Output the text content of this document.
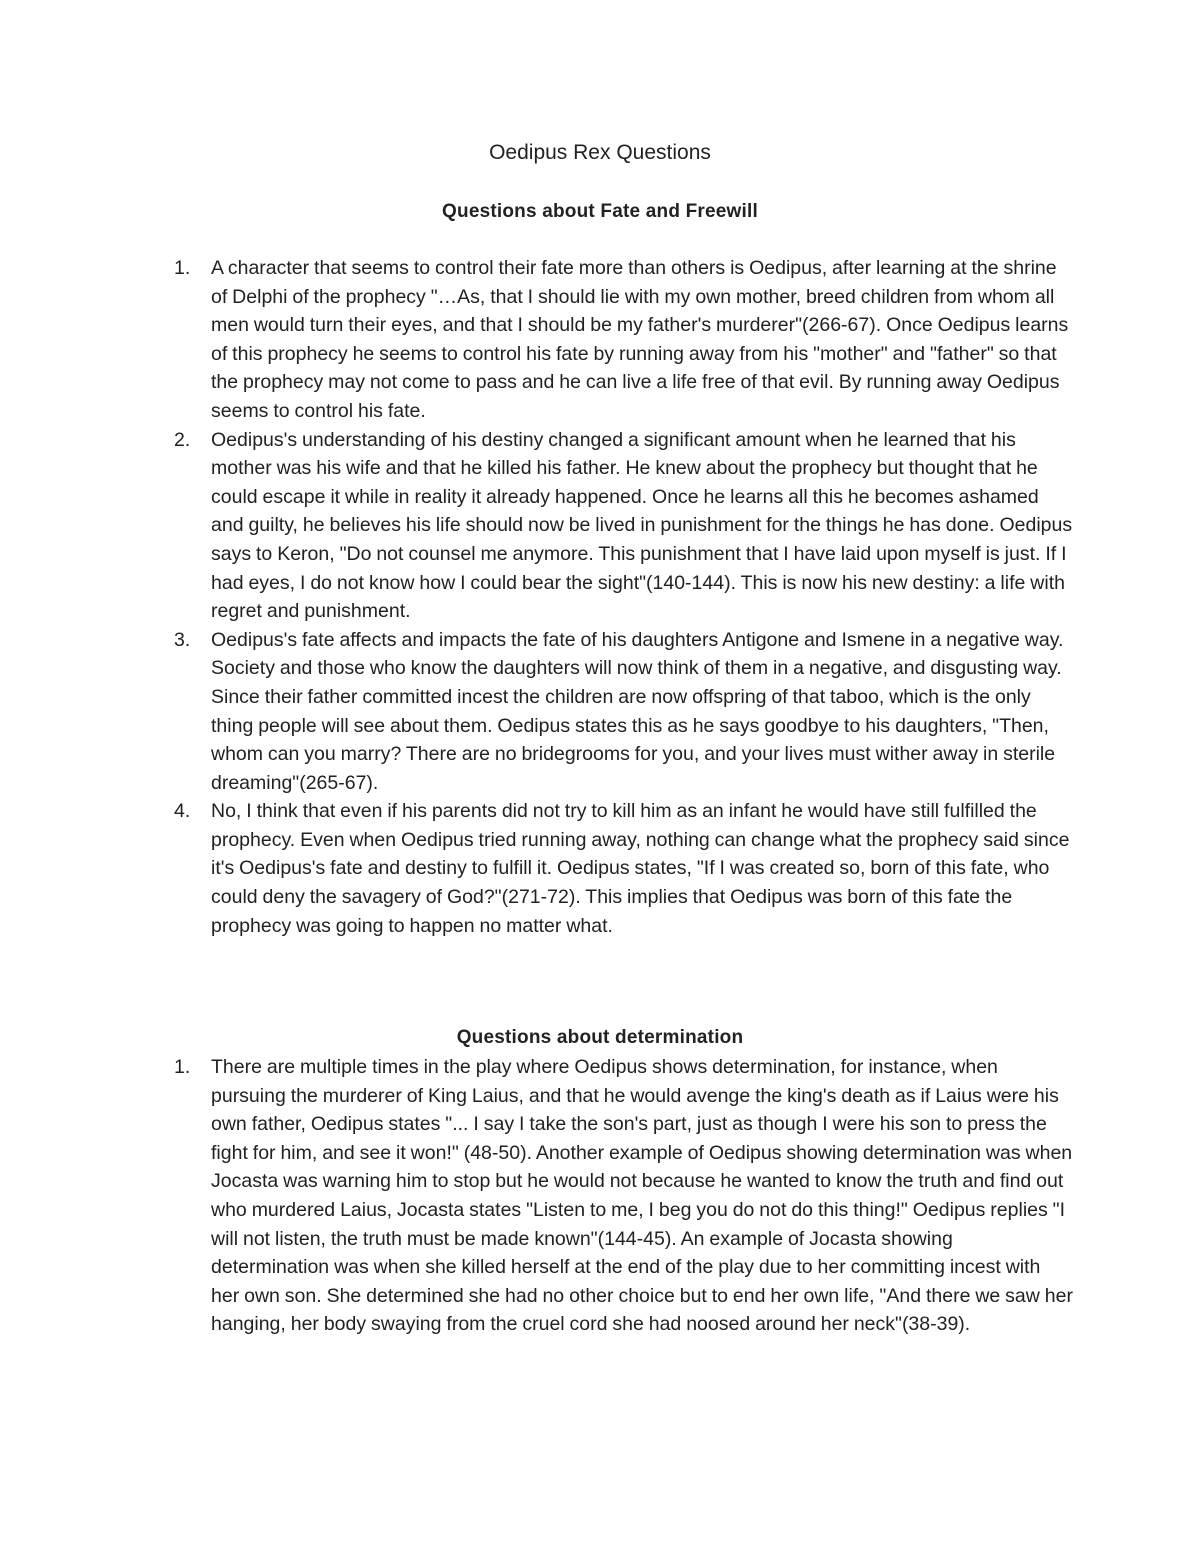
Oedipus Rex Questions
Questions about Fate and Freewill
1. A character that seems to control their fate more than others is Oedipus, after learning at the shrine of Delphi of the prophecy "…As, that I should lie with my own mother, breed children from whom all men would turn their eyes, and that I should be my father's murderer"(266-67). Once Oedipus learns of this prophecy he seems to control his fate by running away from his "mother" and "father" so that the prophecy may not come to pass and he can live a life free of that evil. By running away Oedipus seems to control his fate.
2. Oedipus's understanding of his destiny changed a significant amount when he learned that his mother was his wife and that he killed his father. He knew about the prophecy but thought that he could escape it while in reality it already happened. Once he learns all this he becomes ashamed and guilty, he believes his life should now be lived in punishment for the things he has done. Oedipus says to Keron, "Do not counsel me anymore. This punishment that I have laid upon myself is just. If I had eyes, I do not know how I could bear the sight"(140-144). This is now his new destiny: a life with regret and punishment.
3. Oedipus's fate affects and impacts the fate of his daughters Antigone and Ismene in a negative way. Society and those who know the daughters will now think of them in a negative, and disgusting way. Since their father committed incest the children are now offspring of that taboo, which is the only thing people will see about them. Oedipus states this as he says goodbye to his daughters, "Then, whom can you marry? There are no bridegrooms for you, and your lives must wither away in sterile dreaming"(265-67).
4. No, I think that even if his parents did not try to kill him as an infant he would have still fulfilled the prophecy. Even when Oedipus tried running away, nothing can change what the prophecy said since it's Oedipus's fate and destiny to fulfill it. Oedipus states, "If I was created so, born of this fate, who could deny the savagery of God?"(271-72). This implies that Oedipus was born of this fate the prophecy was going to happen no matter what.
Questions about determination
1. There are multiple times in the play where Oedipus shows determination, for instance, when pursuing the murderer of King Laius, and that he would avenge the king's death as if Laius were his own father, Oedipus states "... I say I take the son's part, just as though I were his son to press the fight for him, and see it won!" (48-50). Another example of Oedipus showing determination was when Jocasta was warning him to stop but he would not because he wanted to know the truth and find out who murdered Laius, Jocasta states "Listen to me, I beg you do not do this thing!" Oedipus replies "I will not listen, the truth must be made known"(144-45). An example of Jocasta showing determination was when she killed herself at the end of the play due to her committing incest with her own son. She determined she had no other choice but to end her own life, "And there we saw her hanging, her body swaying from the cruel cord she had noosed around her neck"(38-39).
